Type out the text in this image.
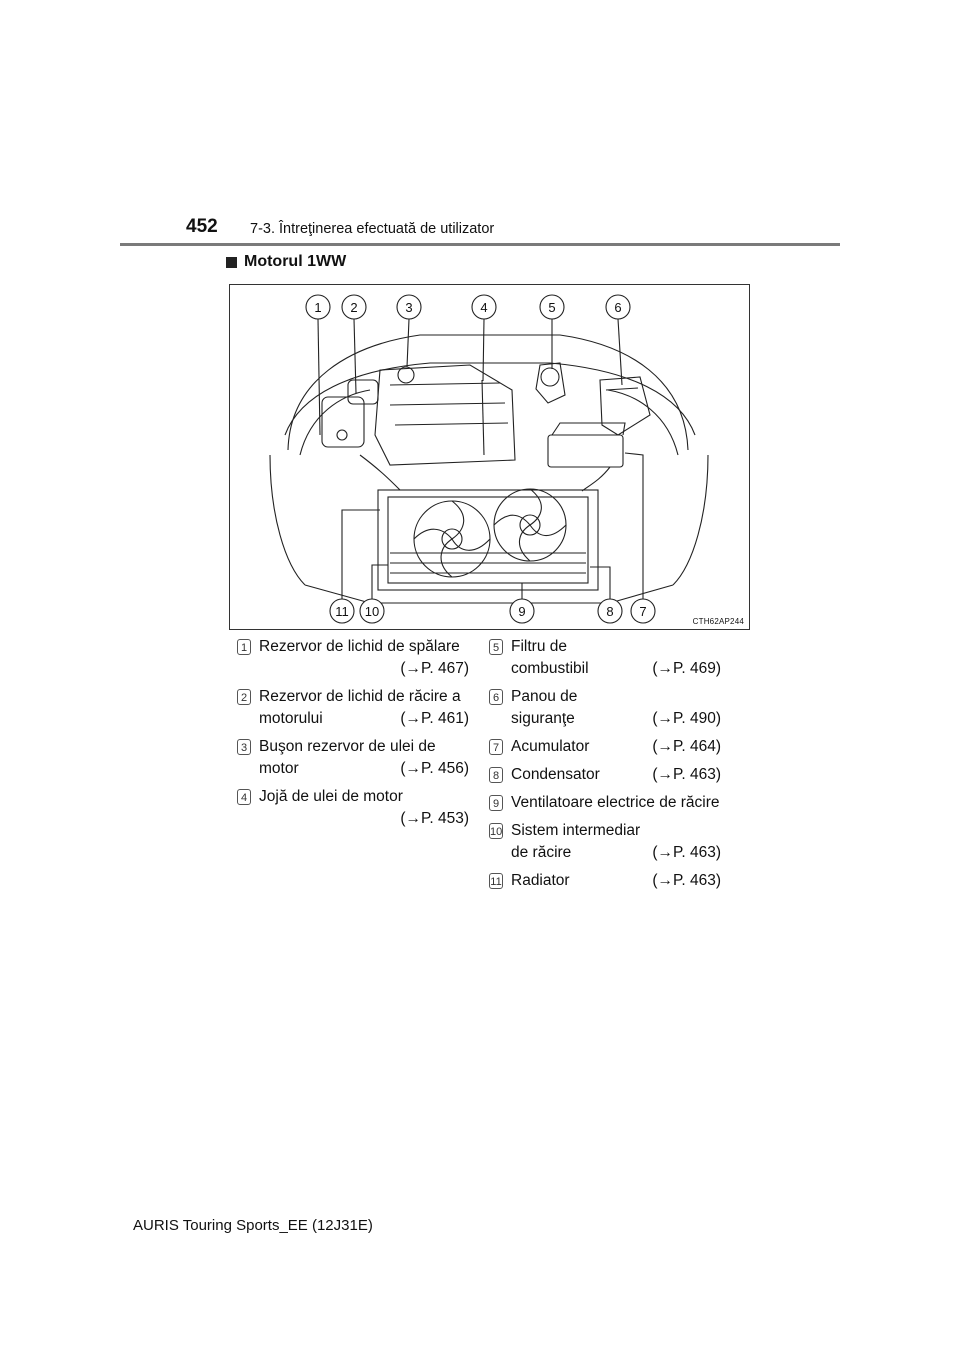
452 7-3. Întreţinerea efectuată de utilizator
Motorul 1WW
1 2	3	4	5	6
11 10	9	8 7
CTH62AP244
1 Rezervor de lichid de spălare
(→P. 467)
2 Rezervor de lichid de răcire a
motorului	(→P. 461)
3 Buşon rezervor de ulei de
motor	(→P. 456)
4 Jojă de ulei de motor
(→P. 453)
5 Filtru de
combustibil	(→P. 469)
6 Panou de
siguranţe	(→P. 490)
7 Acumulator	(→P. 464)
8 Condensator	(→P. 463)
9 Ventilatoare electrice de răcire
10 Sistem intermediar
de răcire	(→P. 463)
11 Radiator	(→P. 463)
AURIS Touring Sports_EE (12J31E)
